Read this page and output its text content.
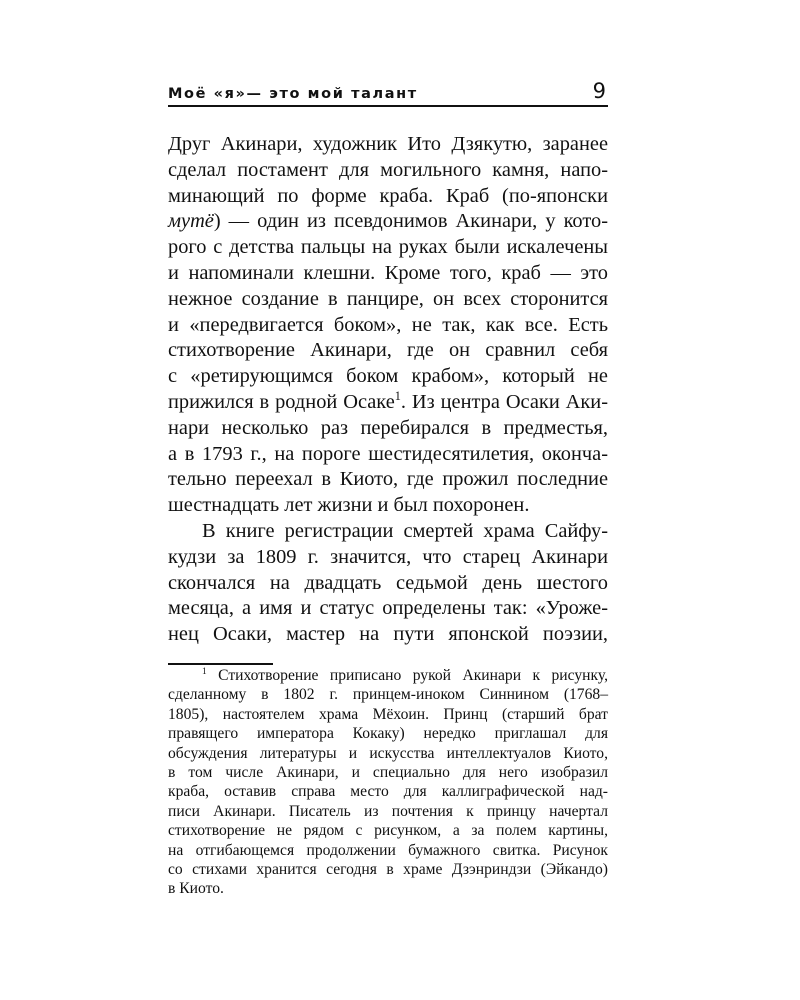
Моё «я»— это мой талант	9
Друг Акинари, художник Ито Дзякутю, заранее
сделал постамент для могильного камня, напо-
минающий по форме краба. Краб (по-японски
мутё) — один из псевдонимов Акинари, у кото-
рого с детства пальцы на руках были искалечены
и напоминали клешни. Кроме того, краб — это
нежное создание в панцире, он всех сторонится
и «передвигается боком», не так, как все. Есть
стихотворение Акинари, где он сравнил себя
с «ретирующимся боком крабом», который не
прижился в родной Осаке$^1$. Из центра Осаки Аки-
нари несколько раз перебирался в предместья,
а в 1793 г., на пороге шестидесятилетия, оконча-
тельно переехал в Киото, где прожил последние
шестнадцать лет жизни и был похоронен.
В книге регистрации смертей храма Сайфу-
кудзи за 1809 г. значится, что старец Акинари
скончался на двадцать седьмой день шестого
месяца, а имя и статус определены так: «Уроже-
нец Осаки, мастер на пути японской поэзии,
$^1$ Стихотворение приписано рукой Акинари к рисунку,
сделанному в 1802 г. принцем-иноком Синнином (1768–
1805), настоятелем храма Мёхоин. Принц (старший брат
правящего императора Кокаку) нередко приглашал для
обсуждения литературы и искусства интеллектуалов Киото,
в том числе Акинари, и специально для него изобразил
краба, оставив справа место для каллиграфической над-
писи Акинари. Писатель из почтения к принцу начертал
стихотворение не рядом с рисунком, а за полем картины,
на отгибающемся продолжении бумажного свитка. Рисунок
со стихами хранится сегодня в храме Дзэнриндзи (Эйкандо)
в Киото.
